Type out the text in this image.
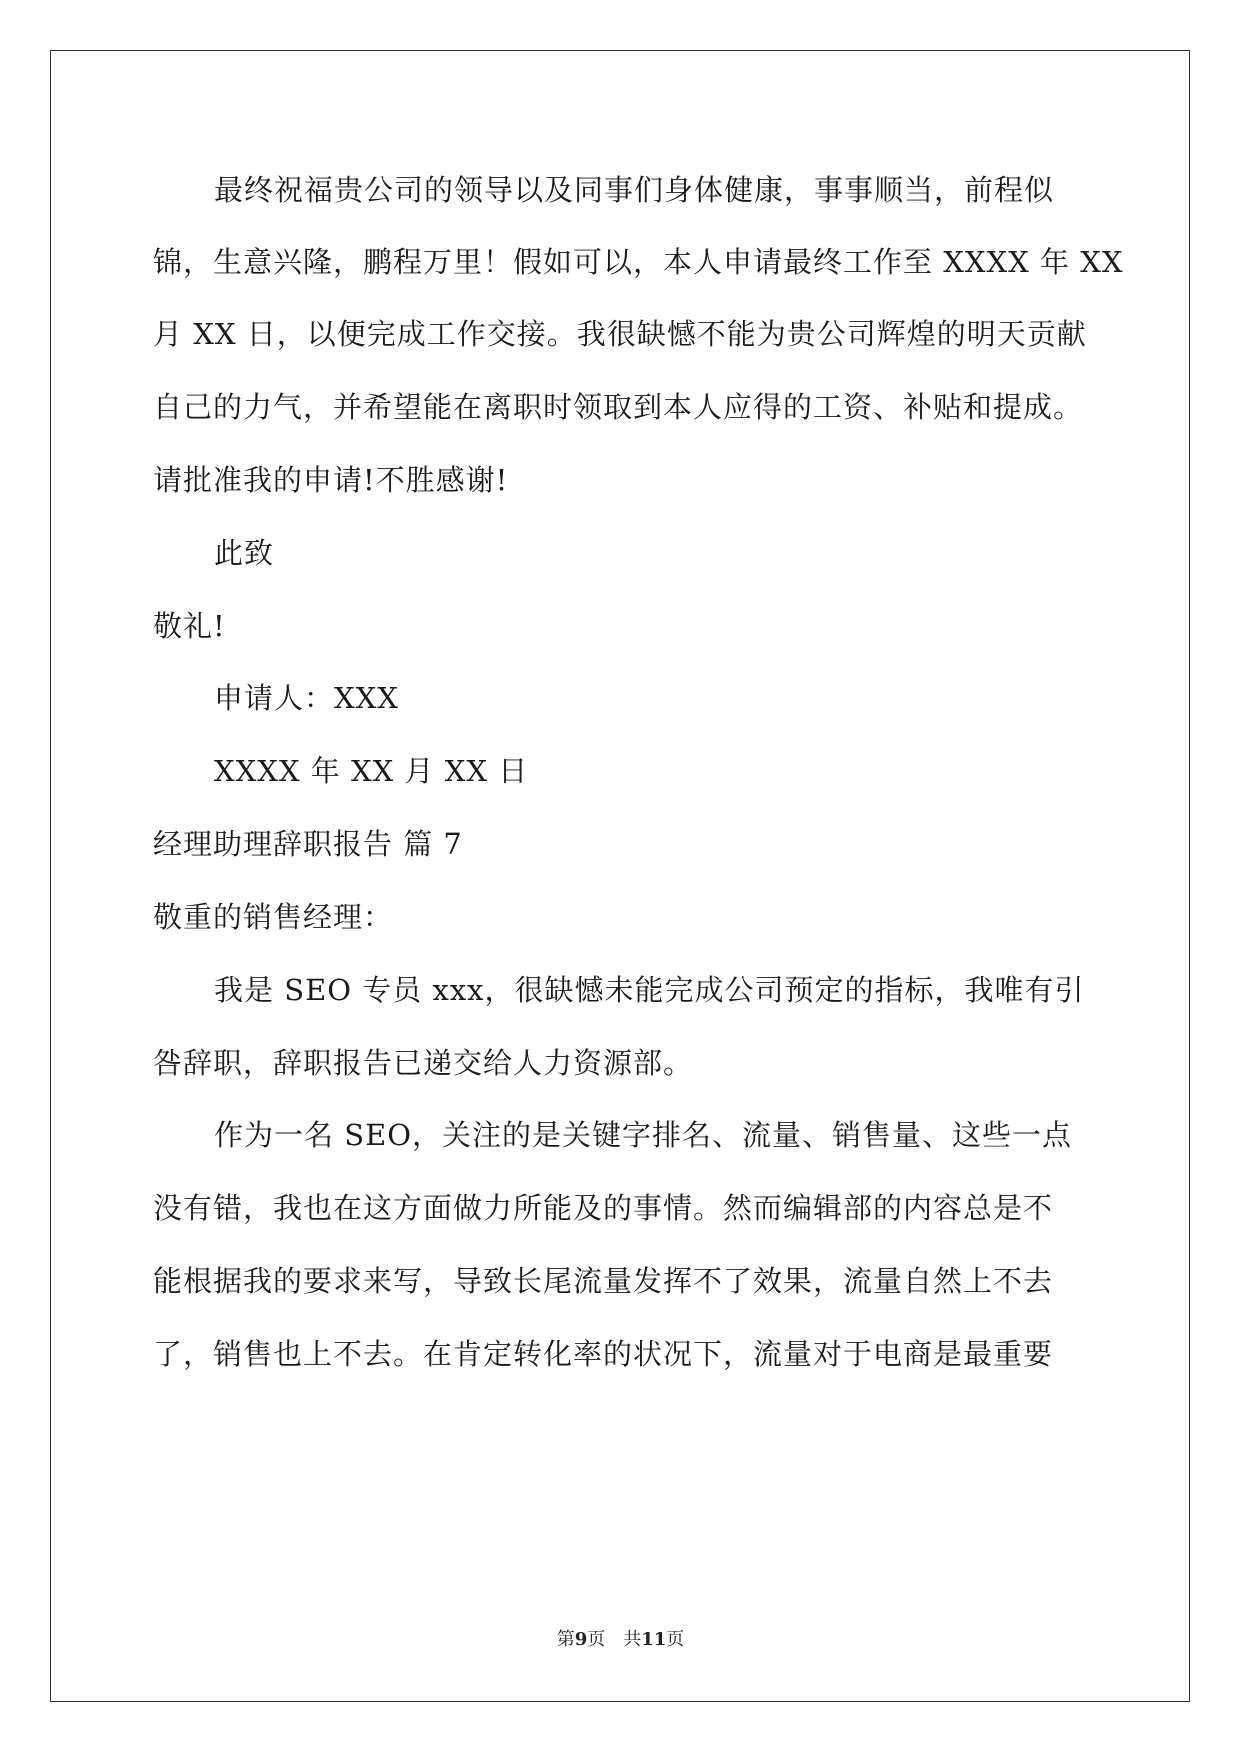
最终祝福贵公司的领导以及同事们身体健康，事事顺当，前程似
锦，生意兴隆，鹏程万里！假如可以，本人申请最终工作至 XXXX 年 XX
月 XX 日，以便完成工作交接。我很缺憾不能为贵公司辉煌的明天贡献
自己的力气，并希望能在离职时领取到本人应得的工资、补贴和提成。
请批准我的申请!不胜感谢!
此致
敬礼!
申请人：XXX
XXXX 年 XX 月 XX 日
经理助理辞职报告 篇 7
敬重的销售经理：
我是 SEO 专员 xxx，很缺憾未能完成公司预定的指标，我唯有引
咎辞职，辞职报告已递交给人力资源部。
作为一名 SEO，关注的是关键字排名、流量、销售量、这些一点
没有错，我也在这方面做力所能及的事情。然而编辑部的内容总是不
能根据我的要求来写，导致长尾流量发挥不了效果，流量自然上不去
了，销售也上不去。在肯定转化率的状况下，流量对于电商是最重要
第9页　共11页
